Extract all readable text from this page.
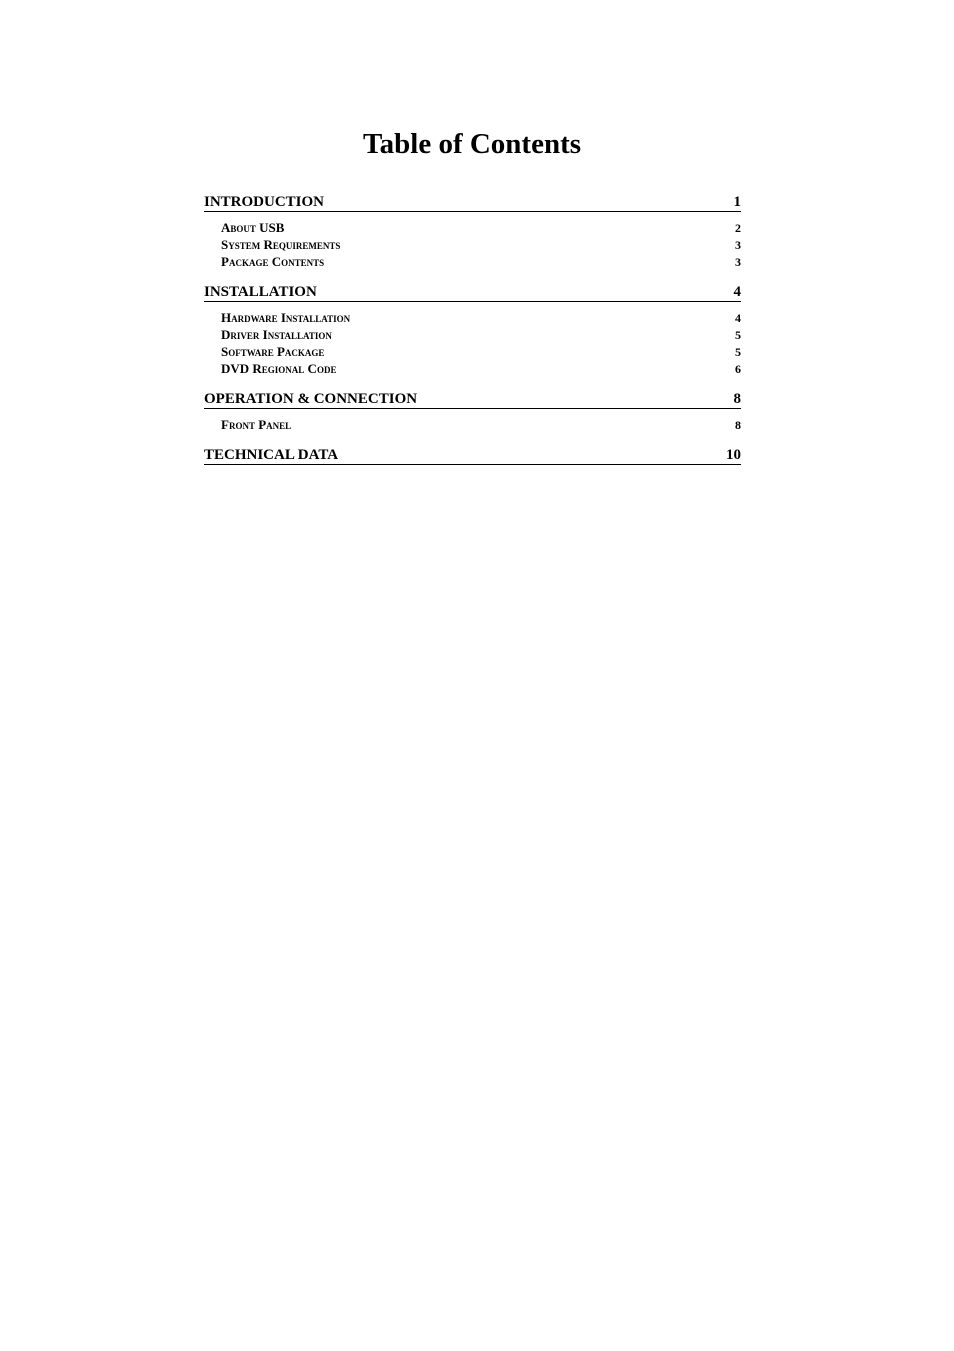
Table of Contents
INTRODUCTION	1
About USB	2
System Requirements	3
Package Contents	3
INSTALLATION	4
Hardware Installation	4
Driver Installation	5
Software Package	5
DVD Regional Code	6
OPERATION & CONNECTION	8
Front Panel	8
TECHNICAL DATA	10
